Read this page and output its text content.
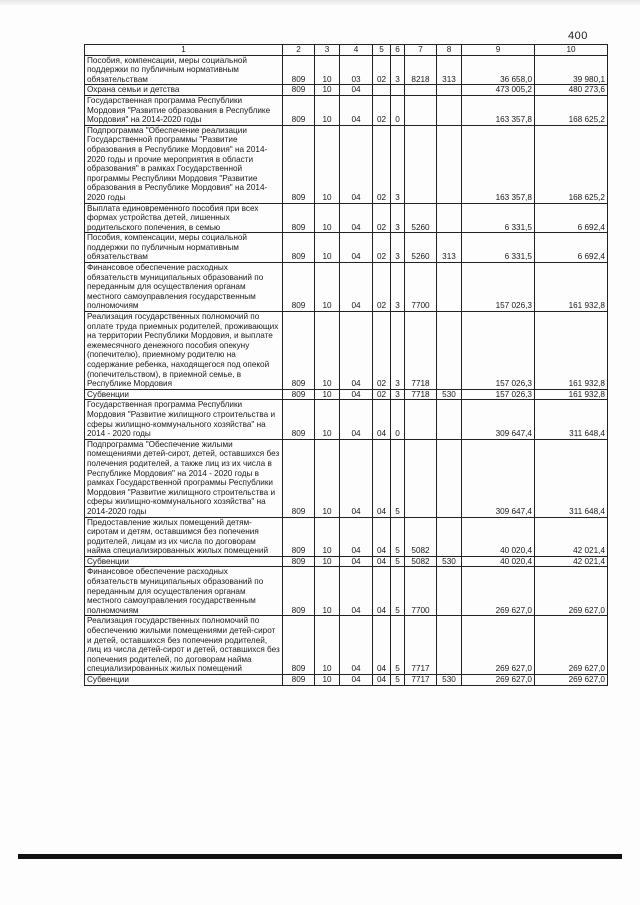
400
1	2	3	4	5	6	7	8	9	10
Пособия, компенсации, меры социальной поддержки по публичным нормативным обязательствам	809	10	03	02	3	8218	313	36 658,0	39 980,1
Охрана семьи и детства	809	10	04					473 005,2	480 273,6
Государственная программа Республики Мордовия "Развитие образования в Республике Мордовия" на 2014-2020 годы	809	10	04	02	0			163 357,8	168 625,2
Подпрограмма "Обеспечение реализации Государственной программы "Развитие образования в Республике Мордовия" на 2014-2020 годы и прочие мероприятия в области образования" в рамках Государственной программы Республики Мордовия "Развитие образования в Республике Мордовия" на 2014-2020 годы	809	10	04	02	3			163 357,8	168 625,2
Выплата единовременного пособия при всех формах устройства детей, лишенных родительского попечения, в семью	809	10	04	02	3	5260		6 331,5	6 692,4
Пособия, компенсации, меры социальной поддержки по публичным нормативным обязательствам	809	10	04	02	3	5260	313	6 331,5	6 692,4
Финансовое обеспечение расходных обязательств муниципальных образований по переданным для осуществления органам местного самоуправления государственным полномочиям	809	10	04	02	3	7700		157 026,3	161 932,8
Реализация государственных полномочий по оплате труда приемных родителей, проживающих на территории Республики Мордовия, и выплате ежемесячного денежного пособия опекуну (попечителю), приемному родителю на содержание ребенка, находящегося под опекой (попечительством), в приемной семье, в Республике Мордовия	809	10	04	02	3	7718		157 026,3	161 932,8
Субвенции	809	10	04	02	3	7718	530	157 026,3	161 932,8
Государственная программа Республики Мордовия "Развитие жилищного строительства и сферы жилищно-коммунального хозяйства" на 2014 - 2020 годы	809	10	04	04	0			309 647,4	311 648,4
Подпрограмма "Обеспечение жилыми помещениями детей-сирот, детей, оставшихся без полечения родителей, а также лиц из их числа в Республике Мордовия" на 2014 - 2020 годы в рамках Государственной программы Республики Мордовия "Развитие жилищного строительства и сферы жилищно-коммунального хозяйства" на 2014-2020 годы	809	10	04	04	5			309 647,4	311 648,4
Предоставление жилых помещений детям-сиротам и детям, оставшимся без попечения родителей, лицам из их числа по договорам найма специализированных жилых помещений	809	10	04	04	5	5082		40 020,4	42 021,4
Субвенции	809	10	04	04	5	5082	530	40 020,4	42 021,4
Финансовое обеспечение расходных обязательств муниципальных образований по переданным для осуществления органам местного самоуправления государственным полномочиям	809	10	04	04	5	7700		269 627,0	269 627,0
Реализация государственных полномочий по обеспечению жилыми помещениями детей-сирот и детей, оставшихся без попечения родителей, лиц из числа детей-сирот и детей, оставшихся без попечения родителей, по договорам найма специализированных жилых помещений	809	10	04	04	5	7717		269 627,0	269 627,0
Субвенции	809	10	04	04	5	7717	530	269 627,0	269 627,0
